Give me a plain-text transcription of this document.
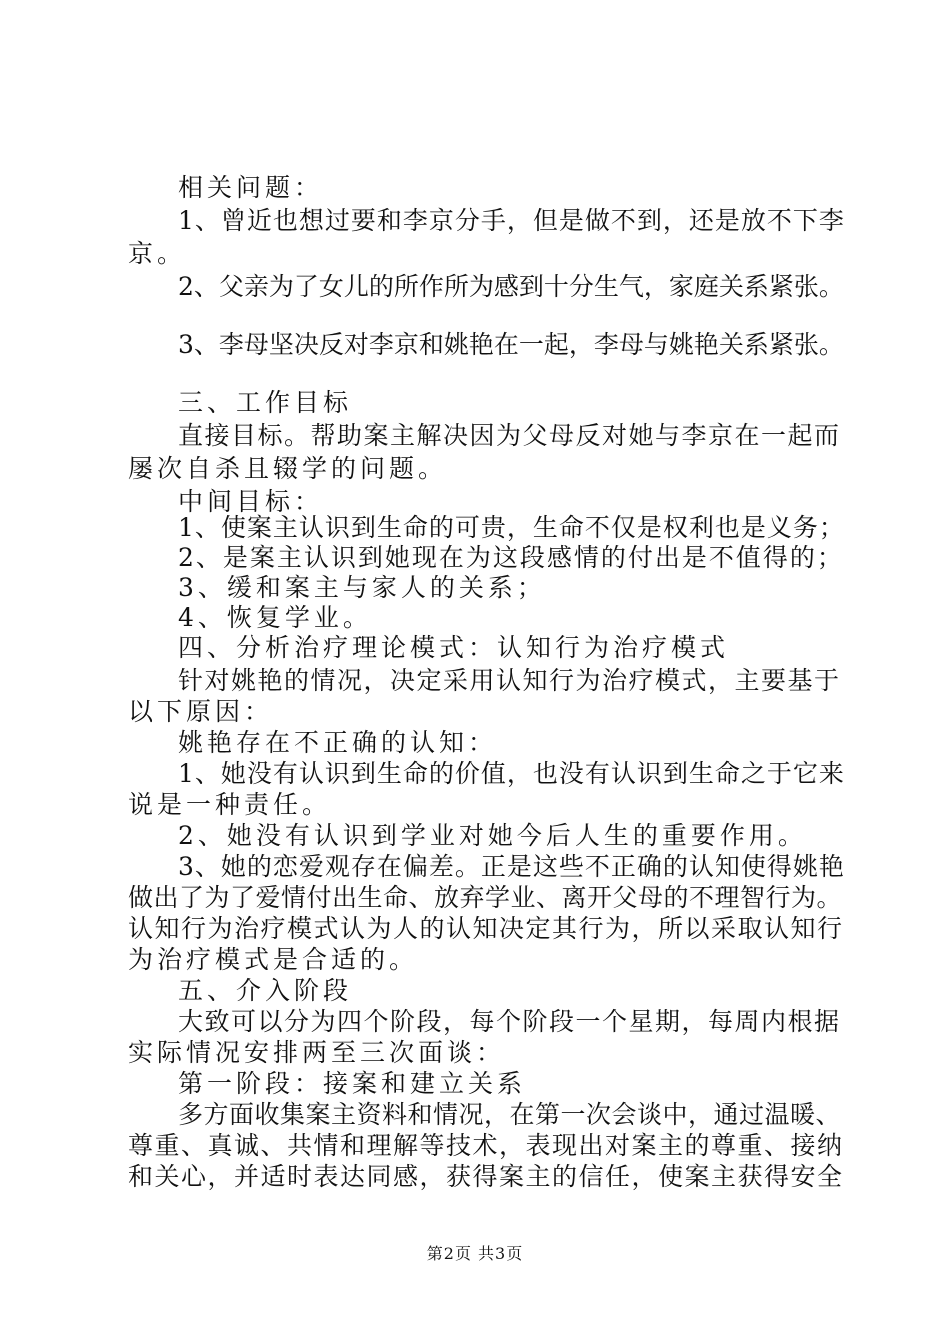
相关问题：
1、曾近也想过要和李京分手，但是做不到，还是放不下李
京。
2、父亲为了女儿的所作所为感到十分生气，家庭关系紧张。
3、李母坚决反对李京和姚艳在一起，李母与姚艳关系紧张。
三、工作目标
直接目标。帮助案主解决因为父母反对她与李京在一起而
屡次自杀且辍学的问题。
中间目标：
1、使案主认识到生命的可贵，生命不仅是权利也是义务；
2、是案主认识到她现在为这段感情的付出是不值得的；
3、缓和案主与家人的关系；
4、恢复学业。
四、分析治疗理论模式：认知行为治疗模式
针对姚艳的情况，决定采用认知行为治疗模式，主要基于
以下原因：
姚艳存在不正确的认知：
1、她没有认识到生命的价值，也没有认识到生命之于它来
说是一种责任。
2、她没有认识到学业对她今后人生的重要作用。
3、她的恋爱观存在偏差。正是这些不正确的认知使得姚艳
做出了为了爱情付出生命、放弃学业、离开父母的不理智行为。
认知行为治疗模式认为人的认知决定其行为，所以采取认知行
为治疗模式是合适的。
五、介入阶段
大致可以分为四个阶段，每个阶段一个星期，每周内根据
实际情况安排两至三次面谈：
第一阶段：接案和建立关系
多方面收集案主资料和情况，在第一次会谈中，通过温暖、
尊重、真诚、共情和理解等技术，表现出对案主的尊重、接纳
和关心，并适时表达同感，获得案主的信任，使案主获得安全
第2页 共3页
